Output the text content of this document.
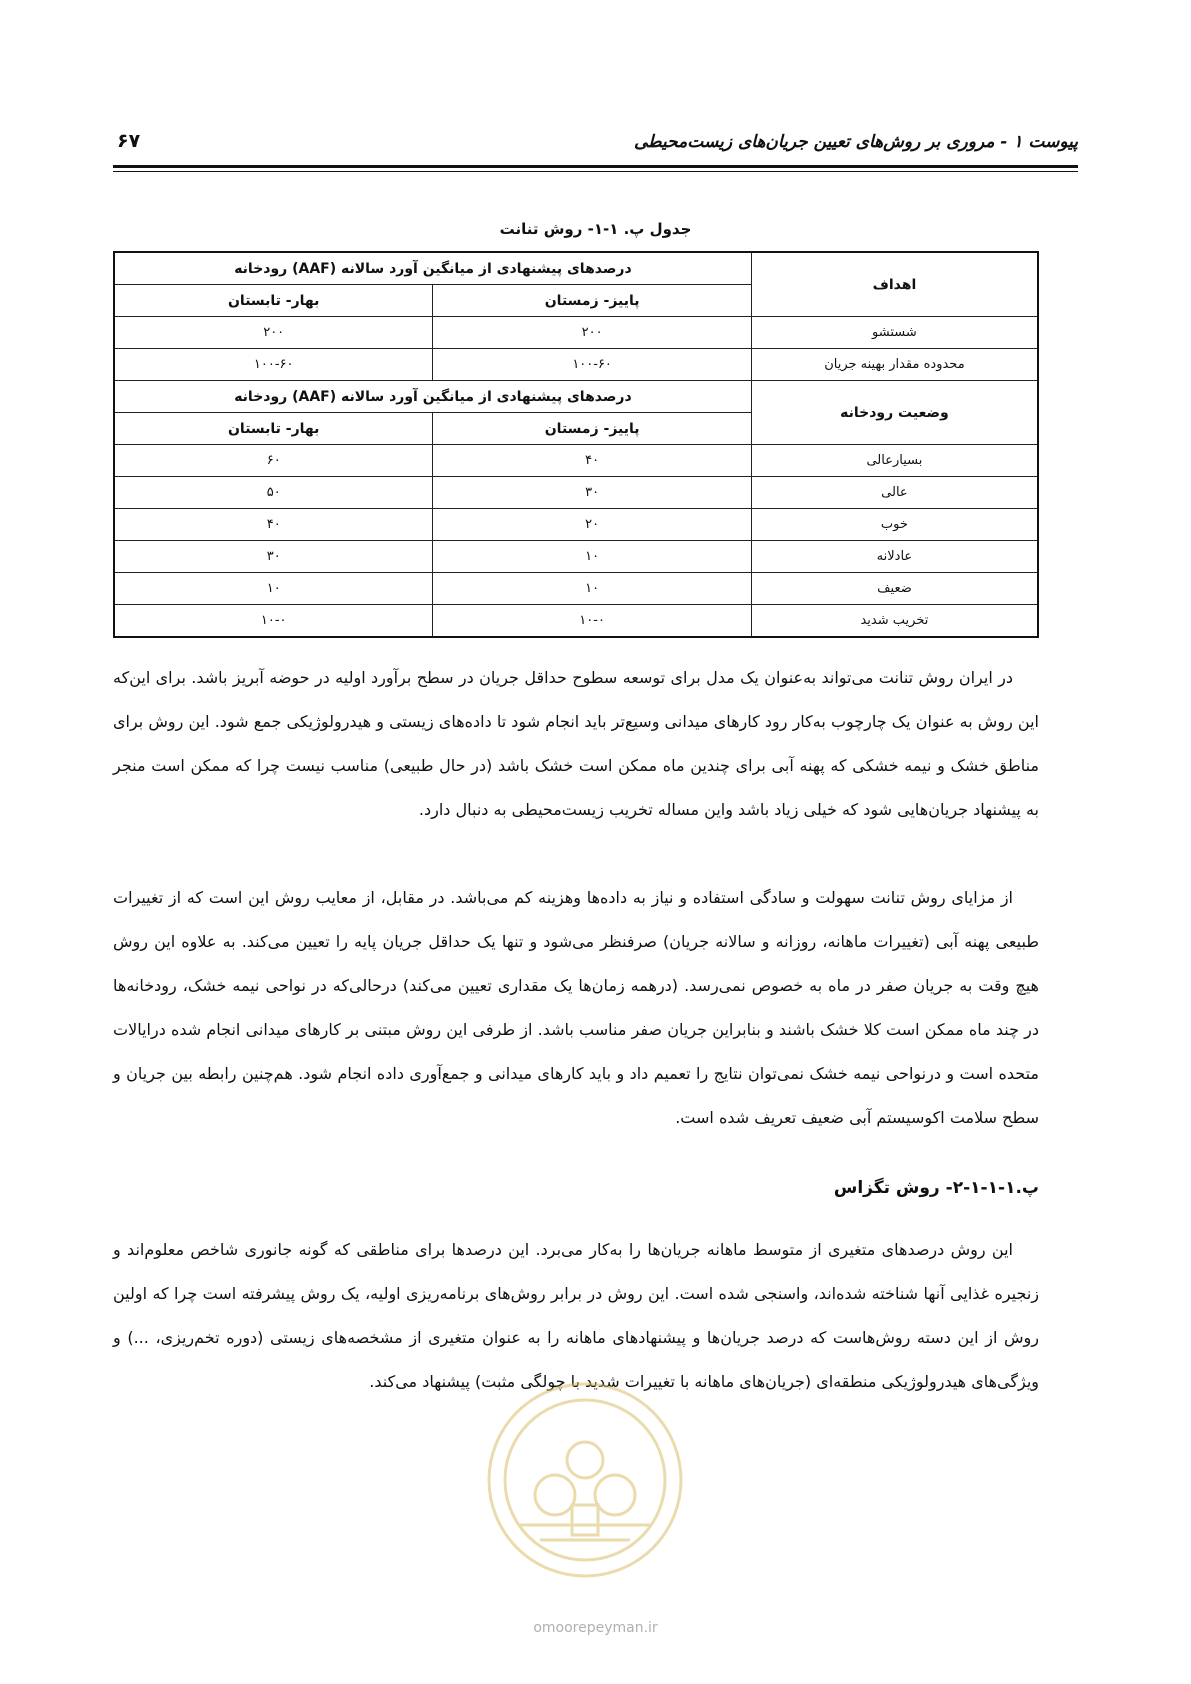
پیوست ۱ - مروری بر روش‌های تعیین جریان‌های زیست‌محیطی
۶۷
جدول پ. ۱-۱- روش تنانت
اهداف	درصدهای پیشنهادی از میانگین آورد سالانه (AAF) رودخانه	
	پاییز- زمستان	بهار- تابستان
شستشو	۲۰۰	۲۰۰
محدوده مقدار بهینه جریان	۱۰۰-۶۰	۱۰۰-۶۰
وضعیت رودخانه	درصدهای پیشنهادی از میانگین آورد سالانه (AAF) رودخانه	
	پاییز- زمستان	بهار- تابستان
بسیارعالی	۴۰	۶۰
عالی	۳۰	۵۰
خوب	۲۰	۴۰
عادلانه	۱۰	۳۰
ضعیف	۱۰	۱۰
تخریب شدید	۱۰-۰	۱۰-۰

در ایران روش تنانت می‌تواند به‌عنوان یک مدل برای توسعه سطوح حداقل جریان در سطح برآورد اولیه در حوضه آبریز باشد. برای این‌که این روش به عنوان یک چارچوب به‌کار رود کارهای میدانی وسیع‌تر باید انجام شود تا داده‌های زیستی و هیدرولوژیکی جمع شود. این روش برای مناطق خشک و نیمه خشکی که پهنه آبی برای چندین ماه ممکن است خشک باشد (در حال طبیعی) مناسب نیست چرا که ممکن است منجر به پیشنهاد جریان‌هایی شود که خیلی زیاد باشد واین مساله تخریب زیست‌محیطی به دنبال دارد.

از مزایای روش تنانت سهولت و سادگی استفاده و نیاز به داده‌ها وهزینه کم می‌باشد. در مقابل، از معایب روش این است که از تغییرات طبیعی پهنه آبی (تغییرات ماهانه، روزانه و سالانه جریان) صرفنظر می‌شود و تنها یک حداقل جریان پایه را تعیین می‌کند. به علاوه این روش هیچ وقت به جریان صفر در ماه به خصوص نمی‌رسد. (درهمه زمان‌ها یک مقداری تعیین می‌کند) درحالی‌که در نواحی نیمه خشک، رودخانه‌ها در چند ماه ممکن است کلا خشک باشند و بنابراین جریان صفر مناسب باشد. از طرفی این روش مبتنی بر کارهای میدانی انجام شده درایالات متحده است و درنواحی نیمه خشک نمی‌توان نتایج را تعمیم داد و باید کارهای میدانی و جمع‌آوری داده انجام شود. هم‌چنین رابطه بین جریان و سطح سلامت اکوسیستم آبی ضعیف تعریف شده است.

پ.۱-۱-۱-۲- روش تگزاس

این روش درصدهای متغیری از متوسط ماهانه جریان‌ها را به‌کار می‌برد. این درصدها برای مناطقی که گونه جانوری شاخص معلوم‌اند و زنجیره غذایی آنها شناخته شده‌اند، واسنجی شده است. این روش در برابر روش‌های برنامه‌ریزی اولیه، یک روش پیشرفته است چرا که اولین روش از این دسته روش‌هاست که درصد جریان‌ها و پیشنهادهای ماهانه را به عنوان متغیری از مشخصه‌های زیستی (دوره تخم‌ریزی، ...) و ویژگی‌های هیدرولوژیکی منطقه‌ای (جریان‌های ماهانه با تغییرات شدید با چولگی مثبت) پیشنهاد می‌کند.

omoorepeyman.ir
